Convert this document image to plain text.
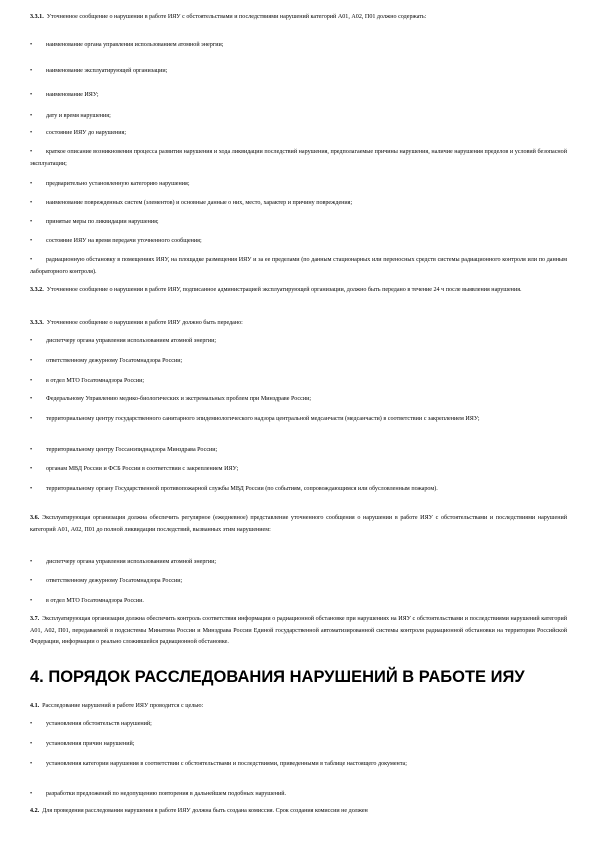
3.3.1. Уточненное сообщение о нарушении в работе ИЯУ с обстоятельствами и последствиями нарушений категорий А01, А02, П01 должно содержать:

•	наименование органа управления использованием атомной энергии;
•	наименование эксплуатирующей организации;
•	наименование ИЯУ;
•	дату и время нарушения;
•	состояние ИЯУ до нарушения;
•	краткое описание возникновения процесса развития нарушения и хода ликвидации последствий нарушения, предполагаемые причины нарушения, наличие нарушения пределов и условий безопасной эксплуатации;
•	предварительно установленную категорию нарушения;
•	наименование поврежденных систем (элементов) и основные данные о них, место, характер и причину повреждения;
•	принятые меры по ликвидации нарушения;
•	состояние ИЯУ на время передачи уточненного сообщения;
•	радиационную обстановку в помещениях ИЯУ, на площадке размещения ИЯУ и за ее пределами (по данным стационарных или переносных средств системы радиационного контроля или по данным лабораторного контроля).

3.3.2. Уточненное сообщение о нарушении в работе ИЯУ, подписанное администрацией эксплуатирующей организации, должно быть передано в течение 24 ч после выявления нарушения.

3.3.3. Уточненное сообщение о нарушении в работе ИЯУ должно быть передано:

•	диспетчеру органа управления использованием атомной энергии;
•	ответственному дежурному Госатомнадзора России;
•	в отдел МТО Госатомнадзора России;
•	Федеральному Управлению медико-биологических и экстремальных проблем при Минздраве России;
•	территориальному центру государственного санитарного эпидемиологического надзора центральной медсанчасти (медсанчасти) в соответствии с закреплением ИЯУ;
•	территориальному центру Госсанэпиднадзора Минздрава России;
•	органам МВД России и ФСБ России в соответствии с закреплением ИЯУ;
•	территориальному органу Государственной противопожарной службы МВД России (по событиям, сопровождающимся или обусловленным пожаром).

3.6. Эксплуатирующая организация должна обеспечить регулярное (ежедневное) представление уточненного сообщения о нарушении в работе ИЯУ с обстоятельствами и последствиями нарушений категорий А01, А02, П01 до полной ликвидации последствий, вызванных этим нарушением:

•	диспетчеру органа управления использованием атомной энергии;
•	ответственному дежурному Госатомнадзора России;
•	в отдел МТО Госатомнадзора России.

3.7. Эксплуатирующая организация должна обеспечить контроль соответствия информации о радиационной обстановке при нарушениях на ИЯУ с обстоятельствами и последствиями нарушений категорий А01, А02, П01, передаваемой в подсистемы Минатома России и Минздрава России Единой государственной автоматизированной системы контроля радиационной обстановки на территории Российской Федерации, информации о реально сложившейся радиационной обстановке.

4. ПОРЯДОК РАССЛЕДОВАНИЯ НАРУШЕНИЙ В РАБОТЕ ИЯУ

4.1. Расследование нарушений в работе ИЯУ проводится с целью:

•	установления обстоятельств нарушений;
•	установления причин нарушений;
•	установления категории нарушения в соответствии с обстоятельствами и последствиями, приведенными в таблице настоящего документа;
•	разработки предложений по недопущению повторения в дальнейшем подобных нарушений.

4.2. Для проведения расследования нарушения в работе ИЯУ должна быть создана комиссия. Срок создания комиссии не должен
